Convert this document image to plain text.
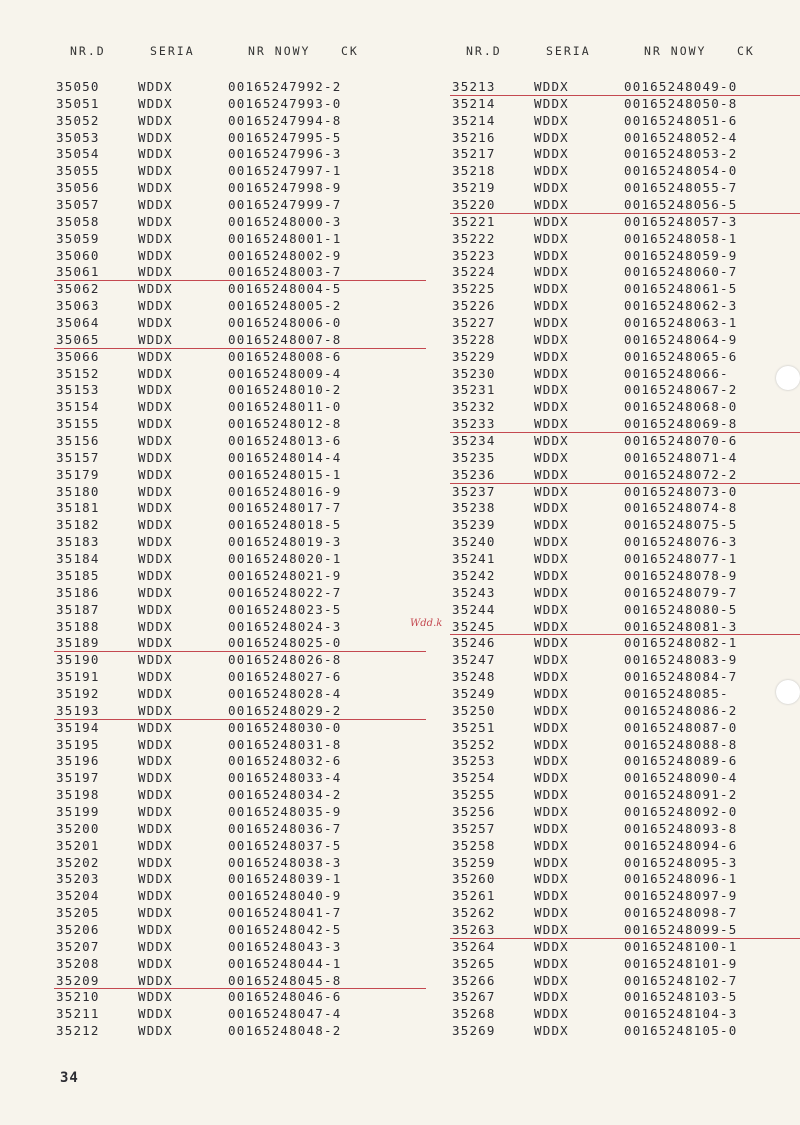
NR.D	SERIA	NR NOWY	CK
35050	WDDX	00165247992-2
35051	WDDX	00165247993-0
35052	WDDX	00165247994-8
35053	WDDX	00165247995-5
35054	WDDX	00165247996-3
35055	WDDX	00165247997-1
35056	WDDX	00165247998-9
35057	WDDX	00165247999-7
35058	WDDX	00165248000-3
35059	WDDX	00165248001-1
35060	WDDX	00165248002-9
35061	WDDX	00165248003-7
35062	WDDX	00165248004-5
35063	WDDX	00165248005-2
35064	WDDX	00165248006-0
35065	WDDX	00165248007-8
35066	WDDX	00165248008-6
35152	WDDX	00165248009-4
35153	WDDX	00165248010-2
35154	WDDX	00165248011-0
35155	WDDX	00165248012-8
35156	WDDX	00165248013-6
35157	WDDX	00165248014-4
35179	WDDX	00165248015-1
35180	WDDX	00165248016-9
35181	WDDX	00165248017-7
35182	WDDX	00165248018-5
35183	WDDX	00165248019-3
35184	WDDX	00165248020-1
35185	WDDX	00165248021-9
35186	WDDX	00165248022-7
35187	WDDX	00165248023-5
35188	WDDX	00165248024-3
35189	WDDX	00165248025-0
35190	WDDX	00165248026-8
35191	WDDX	00165248027-6
35192	WDDX	00165248028-4
35193	WDDX	00165248029-2
35194	WDDX	00165248030-0
35195	WDDX	00165248031-8
35196	WDDX	00165248032-6
35197	WDDX	00165248033-4
35198	WDDX	00165248034-2
35199	WDDX	00165248035-9
35200	WDDX	00165248036-7
35201	WDDX	00165248037-5
35202	WDDX	00165248038-3
35203	WDDX	00165248039-1
35204	WDDX	00165248040-9
35205	WDDX	00165248041-7
35206	WDDX	00165248042-5
35207	WDDX	00165248043-3
35208	WDDX	00165248044-1
35209	WDDX	00165248045-8
35210	WDDX	00165248046-6
35211	WDDX	00165248047-4
35212	WDDX	00165248048-2
NR.D	SERIA	NR NOWY	CK
35213	WDDX	00165248049-0
35214	WDDX	00165248050-8
35214	WDDX	00165248051-6
35216	WDDX	00165248052-4
35217	WDDX	00165248053-2
35218	WDDX	00165248054-0
35219	WDDX	00165248055-7
35220	WDDX	00165248056-5
35221	WDDX	00165248057-3
35222	WDDX	00165248058-1
35223	WDDX	00165248059-9
35224	WDDX	00165248060-7
35225	WDDX	00165248061-5
35226	WDDX	00165248062-3
35227	WDDX	00165248063-1
35228	WDDX	00165248064-9
35229	WDDX	00165248065-6
35230	WDDX	00165248066-
35231	WDDX	00165248067-2
35232	WDDX	00165248068-0
35233	WDDX	00165248069-8
35234	WDDX	00165248070-6
35235	WDDX	00165248071-4
35236	WDDX	00165248072-2
35237	WDDX	00165248073-0
35238	WDDX	00165248074-8
35239	WDDX	00165248075-5
35240	WDDX	00165248076-3
35241	WDDX	00165248077-1
35242	WDDX	00165248078-9
35243	WDDX	00165248079-7
35244	WDDX	00165248080-5
35245	WDDX	00165248081-3
35246	WDDX	00165248082-1
35247	WDDX	00165248083-9
35248	WDDX	00165248084-7
35249	WDDX	00165248085-
35250	WDDX	00165248086-2
35251	WDDX	00165248087-0
35252	WDDX	00165248088-8
35253	WDDX	00165248089-6
35254	WDDX	00165248090-4
35255	WDDX	00165248091-2
35256	WDDX	00165248092-0
35257	WDDX	00165248093-8
35258	WDDX	00165248094-6
35259	WDDX	00165248095-3
35260	WDDX	00165248096-1
35261	WDDX	00165248097-9
35262	WDDX	00165248098-7
35263	WDDX	00165248099-5
35264	WDDX	00165248100-1
35265	WDDX	00165248101-9
35266	WDDX	00165248102-7
35267	WDDX	00165248103-5
35268	WDDX	00165248104-3
35269	WDDX	00165248105-0
Wdd.k
34
